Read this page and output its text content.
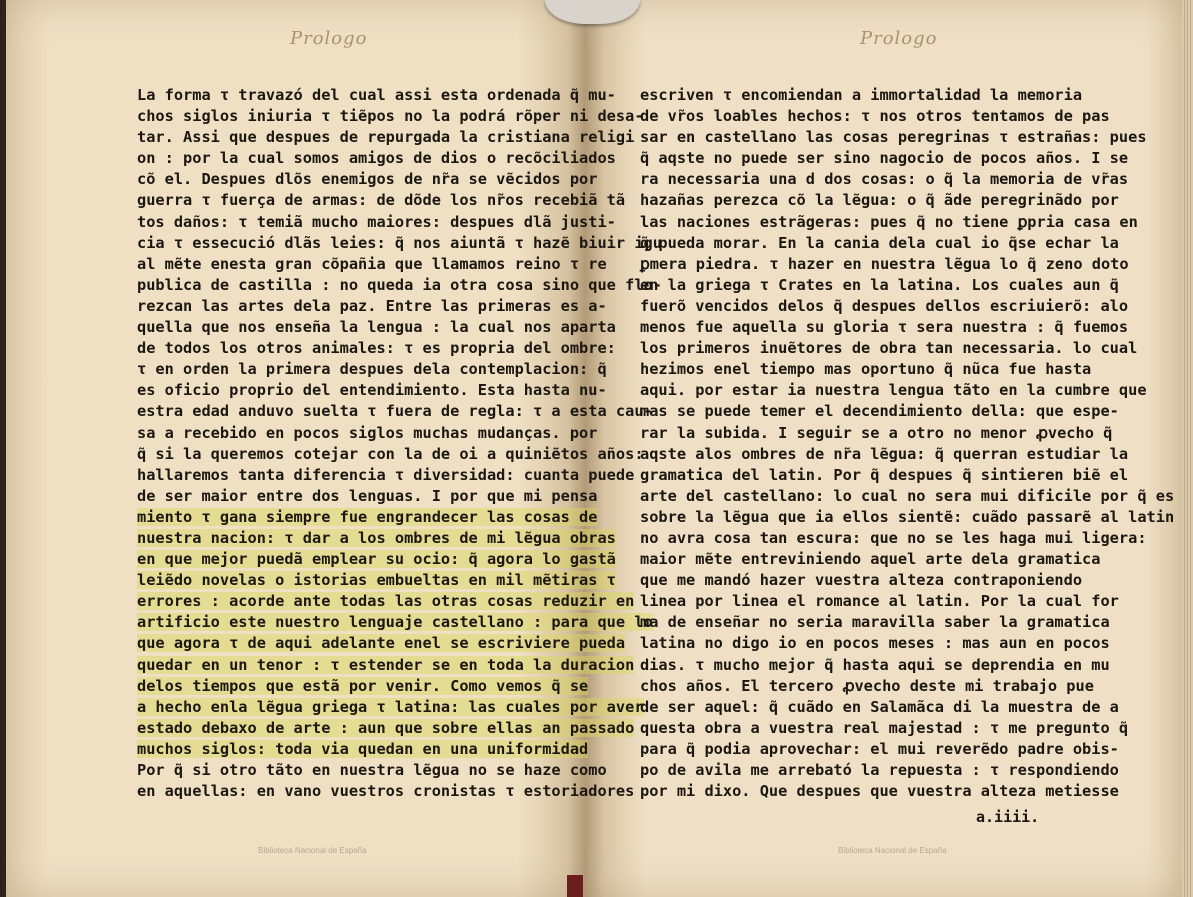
Prologo	Prologo
La forma τ travazó del cual assi esta ordenada q̃ mu-
chos siglos iniuria τ tiẽpos no la podrá rõper ni desa-
tar. Assi que despues de repurgada la cristiana religi
on : por la cual somos amigos de dios o recõciliados
cõ el. Despues dlõs enemigos de nr̃a se vẽcidos por
guerra τ fuerça de armas: de dõde los nr̃os recebiã tã
tos daños: τ temiã mucho maiores: despues dlã justi-
cia τ essecució dlãs leies: q̃ nos aiuntã τ hazẽ biuir igu
al mẽte enesta gran cõpañia que llamamos reino τ re
publica de castilla : no queda ia otra cosa sino que flo-
rezcan las artes dela paz. Entre las primeras es a-
quella que nos enseña la lengua : la cual nos aparta
de todos los otros animales: τ es propria del ombre:
τ en orden la primera despues dela contemplacion: q̃
es oficio proprio del entendimiento. Esta hasta nu-
estra edad anduvo suelta τ fuera de regla: τ a esta cau-
sa a recebido en pocos siglos muchas mudanças. por
q̃ si la queremos cotejar con la de oi a quiniẽtos años:
hallaremos tanta diferencia τ diversidad: cuanta puede
de ser maior entre dos lenguas. I por que mi pensa
miento τ gana siempre fue engrandecer las cosas de
nuestra nacion: τ dar a los ombres de mi lẽgua obras
en que mejor puedã emplear su ocio: q̃ agora lo gastã
leiẽdo novelas o istorias embueltas en mil mẽtiras τ
errores : acorde ante todas las otras cosas reduzir en
artificio este nuestro lenguaje castellano : para que lo
que agora τ de aqui adelante enel se escriviere pueda
quedar en un tenor : τ estender se en toda la duracion
delos tiempos que estã por venir. Como vemos q̃ se
a hecho enla lẽgua griega τ latina: las cuales por aver
estado debaxo de arte : aun que sobre ellas an passado
muchos siglos: toda via quedan en una uniformidad
Por q̃ si otro tãto en nuestra lẽgua no se haze como
en aquellas: en vano vuestros cronistas τ estoriadores
escriven τ encomiendan a immortalidad la memoria
de vr̃os loables hechos: τ nos otros tentamos de pas
sar en castellano las cosas peregrinas τ estrañas: pues
q̃ aqste no puede ser sino nagocio de pocos años. I se
ra necessaria una d dos cosas: o q̃ la memoria de vr̃as
hazañas perezca cõ la lẽgua: o q̃ ãde peregrinãdo por
las naciones estrãgeras: pues q̃ no tiene ꝑpria casa en
q̃ pueda morar. En la cania dela cual io q̃se echar la
ꝑmera piedra. τ hazer en nuestra lẽgua lo q̃ zeno doto
en la griega τ Crates en la latina. Los cuales aun q̃
fuerõ vencidos delos q̃ despues dellos escriuierõ: alo
menos fue aquella su gloria τ sera nuestra : q̃ fuemos
los primeros inuẽtores de obra tan necessaria. lo cual
hezimos enel tiempo mas oportuno q̃ nũca fue hasta
aqui. por estar ia nuestra lengua tãto en la cumbre que
mas se puede temer el decendimiento della: que espe-
rar la subida. I seguir se a otro no menor ꝓvecho q̃
aqste alos ombres de nr̃a lẽgua: q̃ querran estudiar la
gramatica del latin. Por q̃ despues q̃ sintieren biẽ el
arte del castellano: lo cual no sera mui dificile por q̃ es
sobre la lẽgua que ia ellos sientẽ: cuãdo passarẽ al latin
no avra cosa tan escura: que no se les haga mui ligera:
maior mẽte entreviniendo aquel arte dela gramatica
que me mandó hazer vuestra alteza contraponiendo
linea por linea el romance al latin. Por la cual for
ma de enseñar no seria maravilla saber la gramatica
latina no digo io en pocos meses : mas aun en pocos
dias. τ mucho mejor q̃ hasta aqui se deprendia en mu
chos años. El tercero ꝓvecho deste mi trabajo pue
de ser aquel: q̃ cuãdo en Salamãca di la muestra de a
questa obra a vuestra real majestad : τ me pregunto q̃
para q̃ podia aprovechar: el mui reverẽdo padre obis-
po de avila me arrebató la repuesta : τ respondiendo
por mi dixo. Que despues que vuestra alteza metiesse
a.iiii.
Biblioteca Nacional de España	Biblioteca Nacional de España
